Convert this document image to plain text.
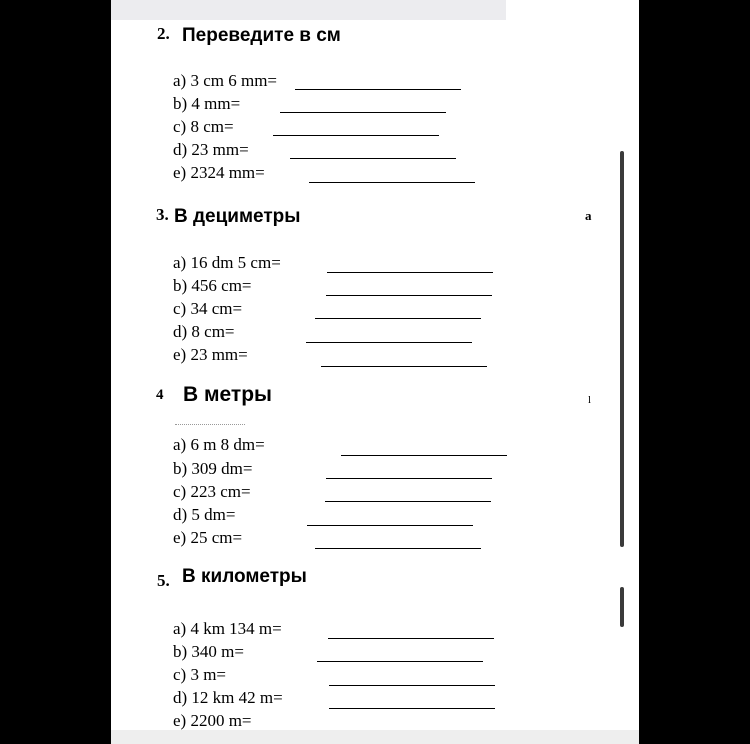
2. Переведите в см
а) 3 cm 6 mm=
b) 4 mm=
c) 8 cm=
d) 23 mm=
e) 2324 mm=
3. В дециметры	a
а) 16 dm 5 cm=
b) 456 cm=
c) 34 cm=
d) 8 cm=
e) 23 mm=
4 В метры	l
а) 6 m 8 dm=
b) 309 dm=
c) 223 cm=
d) 5 dm=
e) 25 cm=
5. В километры
а) 4 km 134 m=
b) 340 m=
c) 3 m=
d) 12 km 42 m=
e) 2200 m=
